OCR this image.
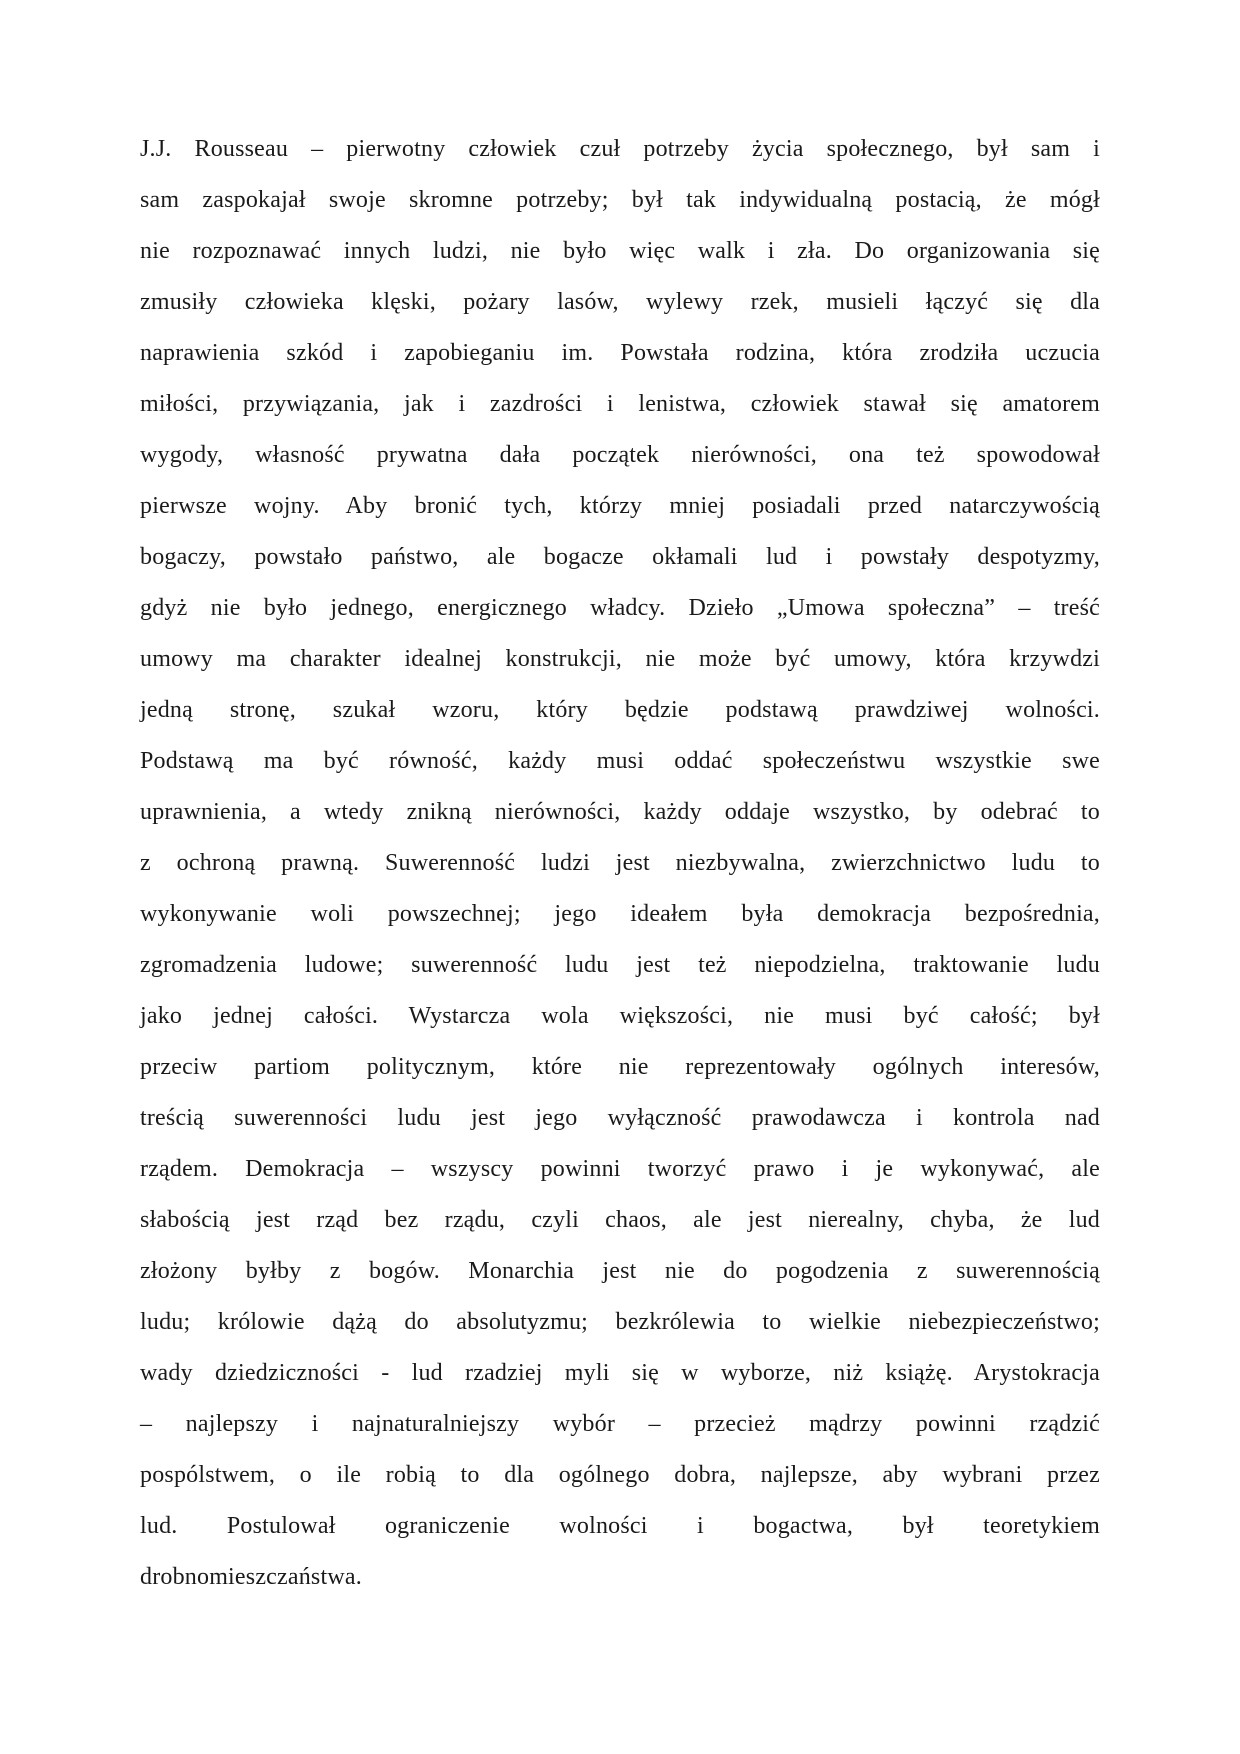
J.J. Rousseau – pierwotny człowiek czuł potrzeby życia społecznego, był sam i
sam zaspokajał swoje skromne potrzeby; był tak indywidualną postacią, że mógł
nie rozpoznawać innych ludzi, nie było więc walk i zła. Do organizowania się
zmusiły człowieka klęski, pożary lasów, wylewy rzek, musieli łączyć się dla
naprawienia szkód i zapobieganiu im. Powstała rodzina, która zrodziła uczucia
miłości, przywiązania, jak i zazdrości i lenistwa, człowiek stawał się amatorem
wygody, własność prywatna dała początek nierówności, ona też spowodował
pierwsze wojny. Aby bronić tych, którzy mniej posiadali przed natarczywością
bogaczy, powstało państwo, ale bogacze okłamali lud i powstały despotyzmy,
gdyż nie było jednego, energicznego władcy. Dzieło „Umowa społeczna” – treść
umowy ma charakter idealnej konstrukcji, nie może być umowy, która krzywdzi
jedną stronę, szukał wzoru, który będzie podstawą prawdziwej wolności.
Podstawą ma być równość, każdy musi oddać społeczeństwu wszystkie swe
uprawnienia, a wtedy znikną nierówności, każdy oddaje wszystko, by odebrać to
z ochroną prawną. Suwerenność ludzi jest niezbywalna, zwierzchnictwo ludu to
wykonywanie woli powszechnej; jego ideałem była demokracja bezpośrednia,
zgromadzenia ludowe; suwerenność ludu jest też niepodzielna, traktowanie ludu
jako jednej całości. Wystarcza wola większości, nie musi być całość; był
przeciw partiom politycznym, które nie reprezentowały ogólnych interesów,
treścią suwerenności ludu jest jego wyłączność prawodawcza i kontrola nad
rządem. Demokracja – wszyscy powinni tworzyć prawo i je wykonywać, ale
słabością jest rząd bez rządu, czyli chaos, ale jest nierealny, chyba, że lud
złożony byłby z bogów. Monarchia jest nie do pogodzenia z suwerennością
ludu; królowie dążą do absolutyzmu; bezkrólewia to wielkie niebezpieczeństwo;
wady dziedziczności - lud rzadziej myli się w wyborze, niż książę. Arystokracja
– najlepszy i najnaturalniejszy wybór – przecież mądrzy powinni rządzić
pospólstwem, o ile robią to dla ogólnego dobra, najlepsze, aby wybrani przez
lud. Postulował ograniczenie wolności i bogactwa, był teoretykiem
drobnomieszczaństwa.
